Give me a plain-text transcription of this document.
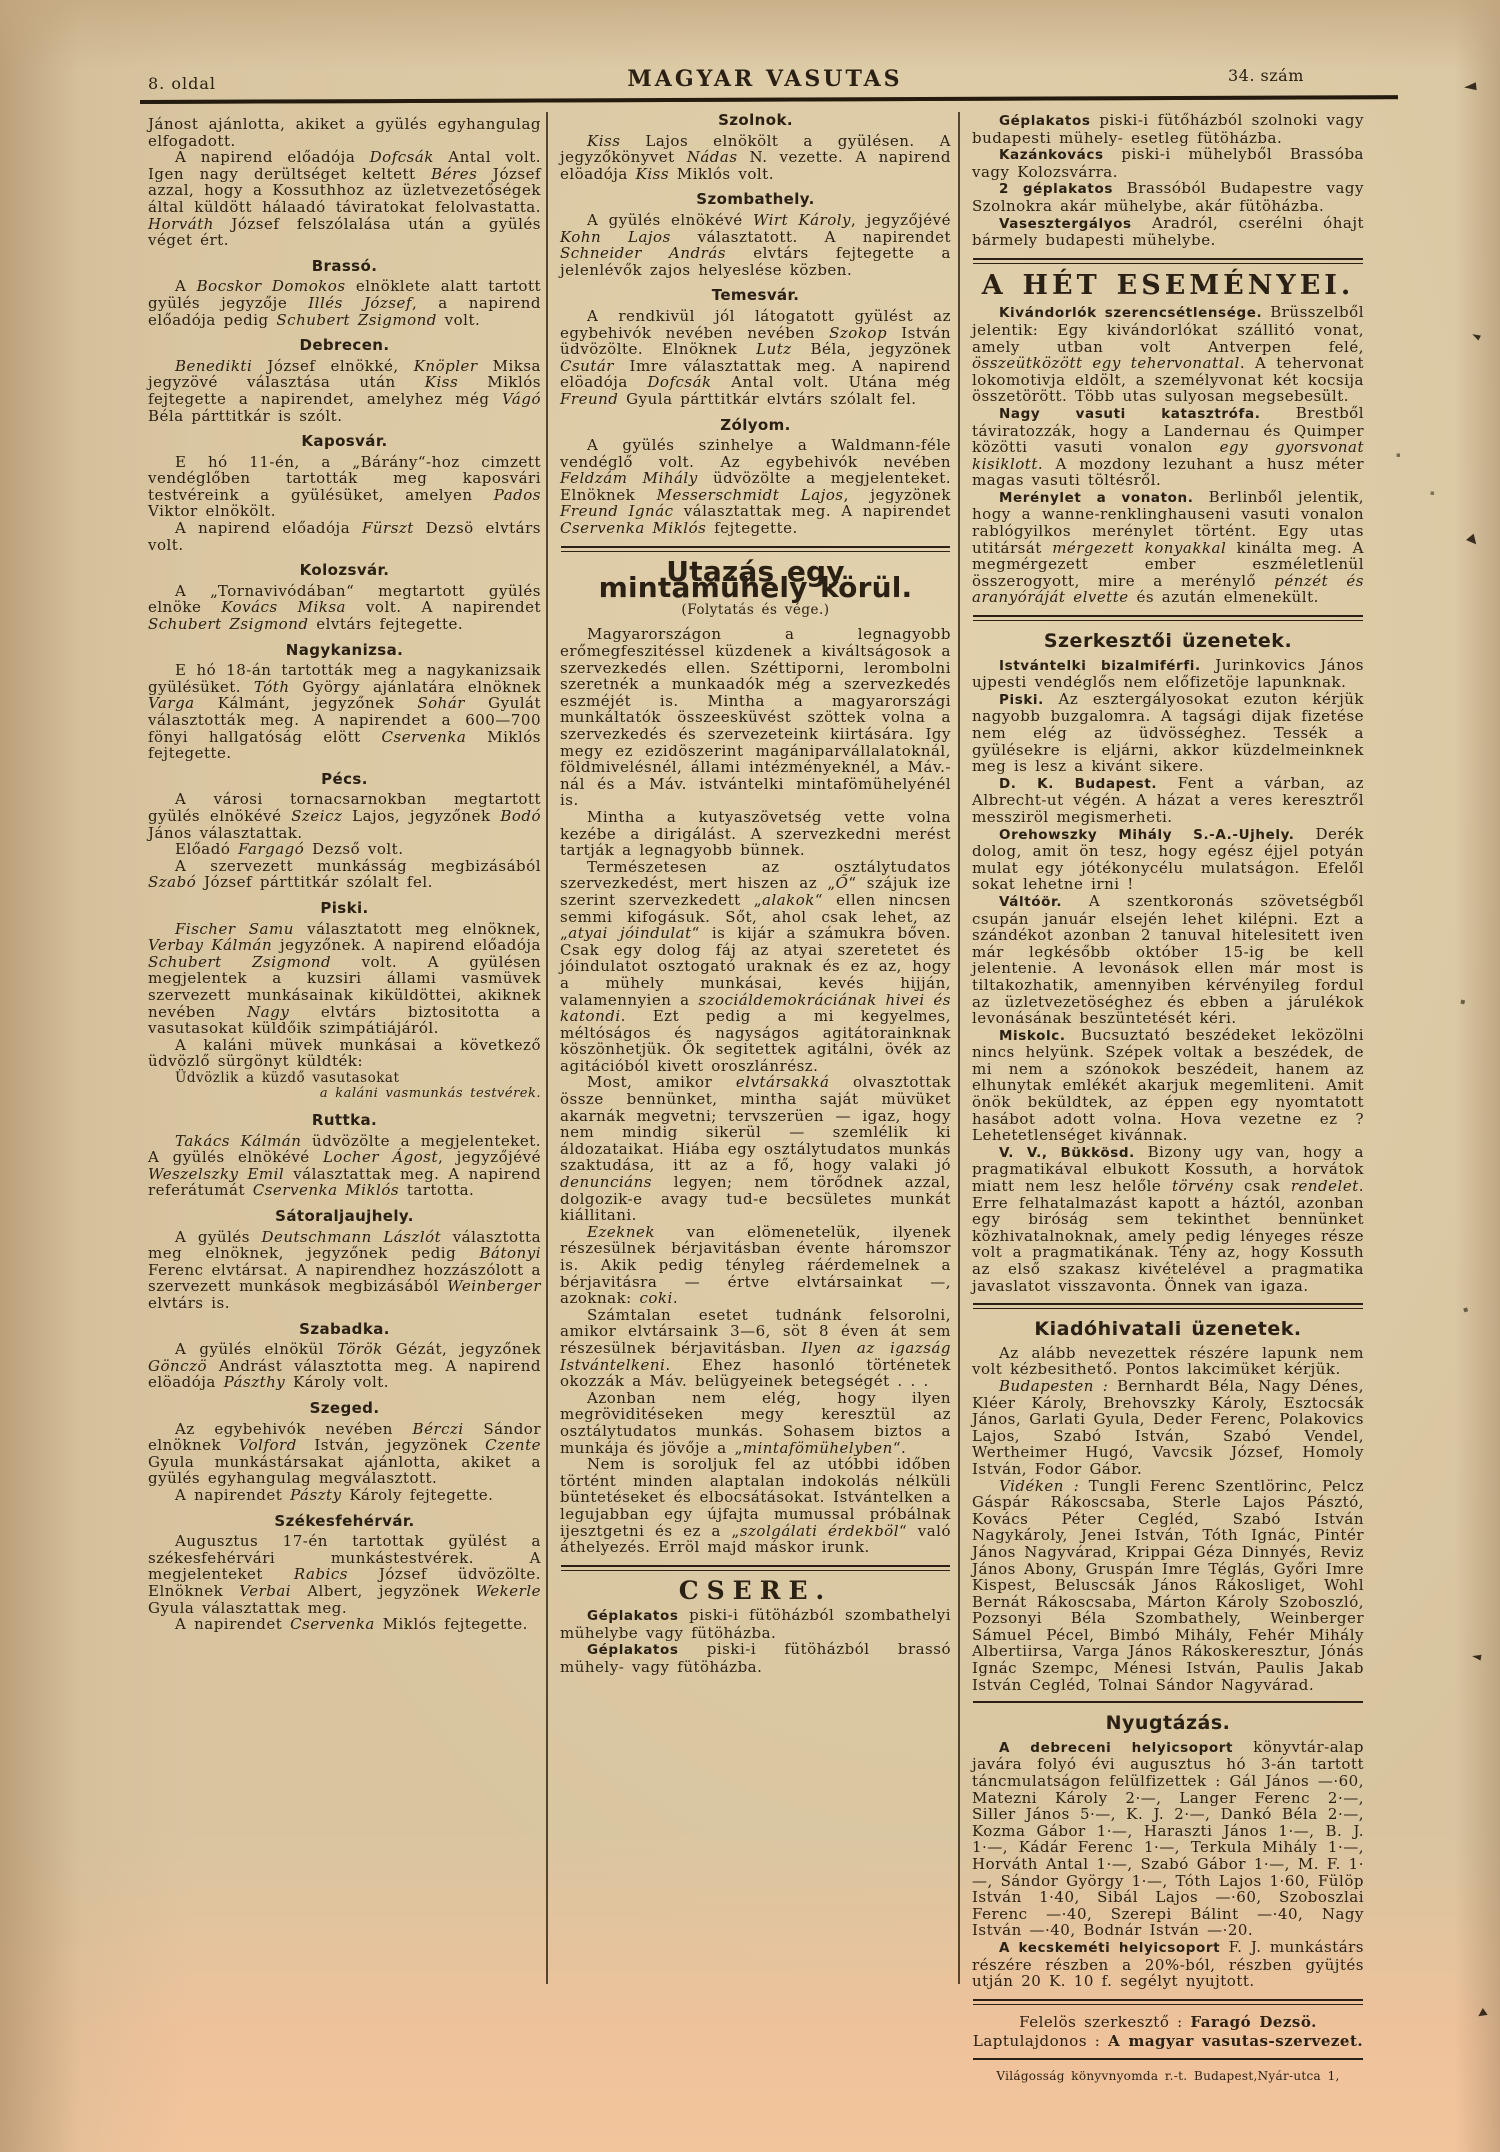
8. oldal	MAGYAR VASUTAS	34. szám

Jánost ajánlotta, akiket a gyülés egyhangulag elfogadott.

A napirend előadója Dofcsák Antal volt. Igen nagy derültséget keltett Béres József azzal, hogy a Kossuthhoz az üzletvezetőségek által küldött hálaadó táviratokat felolvastatta. Horváth József felszólalása után a gyülés véget ért.

Brassó.

A Bocskor Domokos elnöklete alatt tartott gyülés jegyzője Illés József, a napirend előadója pedig Schubert Zsigmond volt.

Debrecen.

Benedikti József elnökké, Knöpler Miksa jegyzövé választása után Kiss Miklós fejtegette a napirendet, amelyhez még Vágó Béla párttitkár is szólt.

Kaposvár.

E hó 11-én, a „Bárány“-hoz cimzett vendéglőben tartották meg kaposvári testvéreink a gyülésüket, amelyen Pados Viktor elnökölt.

A napirend előadója Fürszt Dezsö elvtárs volt.

Kolozsvár.

A „Tornavivódában“ megtartott gyülés elnöke Kovács Miksa volt. A napirendet Schubert Zsigmond elvtárs fejtegette.

Nagykanizsa.

E hó 18-án tartották meg a nagykanizsaik gyülésüket. Tóth György ajánlatára elnöknek Varga Kálmánt, jegyzőnek Sohár Gyulát választották meg. A napirendet a 600—700 fönyi hallgatóság elött Cservenka Miklós fejtegette.

Pécs.

A városi tornacsarnokban megtartott gyülés elnökévé Szeicz Lajos, jegyzőnek Bodó János választattak.

Előadó Fargagó Dezső volt.

A szervezett munkásság megbizásából Szabó József párttitkár szólalt fel.

Piski.

Fischer Samu választatott meg elnöknek, Verbay Kálmán jegyzőnek. A napirend előadója Schubert Zsigmond volt. A gyülésen megjelentek a kuzsiri állami vasmüvek szervezett munkásainak kiküldöttei, akiknek nevében Nagy elvtárs biztositotta a vasutasokat küldőik szimpátiájáról.

A kaláni müvek munkásai a következő üdvözlő sürgönyt küldték:

Üdvözlik a küzdő vasutasokat

a kaláni vasmunkás testvérek.

Ruttka.

Takács Kálmán üdvözölte a megjelenteket. A gyülés elnökévé Locher Ágost, jegyzőjévé Weszelszky Emil választattak meg. A napirend referátumát Cservenka Miklós tartotta.

Sátoraljaujhely.

A gyülés Deutschmann Lászlót választotta meg elnöknek, jegyzőnek pedig Bátonyi Ferenc elvtársat. A napirendhez hozzászólott a szervezett munkások megbizásából Weinberger elvtárs is.

Szabadka.

A gyülés elnökül Török Gézát, jegyzőnek Gönczö Andrást választotta meg. A napirend elöadója Pászthy Károly volt.

Szeged.

Az egybehivók nevében Bérczi Sándor elnöknek Volford István, jegyzönek Czente Gyula munkástársakat ajánlotta, akiket a gyülés egyhangulag megválasztott.

A napirendet Pászty Károly fejtegette.

Székesfehérvár.

Augusztus 17-én tartottak gyülést a székesfehérvári munkástestvérek. A megjelenteket Rabics József üdvözölte. Elnöknek Verbai Albert, jegyzönek Wekerle Gyula választattak meg.

A napirendet Cservenka Miklós fejtegette.

Szolnok.

Kiss Lajos elnökölt a gyülésen. A jegyzőkönyvet Nádas N. vezette. A napirend elöadója Kiss Miklós volt.

Szombathely.

A gyülés elnökévé Wirt Károly, jegyzőjévé Kohn Lajos választatott. A napirendet Schneider András elvtárs fejtegette a jelenlévők zajos helyeslése közben.

Temesvár.

A rendkivül jól látogatott gyülést az egybehivók nevében nevében Szokop István üdvözölte. Elnöknek Lutz Béla, jegyzönek Csutár Imre választattak meg. A napirend elöadója Dofcsák Antal volt. Utána még Freund Gyula párttitkár elvtárs szólalt fel.

Zólyom.

A gyülés szinhelye a Waldmann-féle vendéglő volt. Az egybehivók nevében Feldzám Mihály üdvözölte a megjelenteket. Elnöknek Messerschmidt Lajos, jegyzönek Freund Ignác választattak meg. A napirendet Cservenka Miklós fejtegette.

Utazás egy mintamühely körül.
(Folytatás és vége.)

Magyarországon a legnagyobb erőmegfeszitéssel küzdenek a kiváltságosok a szervezkedés ellen. Széttiporni, lerombolni szeretnék a munkaadók még a szervezkedés eszméjét is. Mintha a magyarországi munkáltatók összeesküvést szöttek volna a szervezkedés és szervezeteink kiirtására. Igy megy ez ezidöszerint magániparvállalatoknál, földmivelésnél, állami intézményeknél, a Máv.-nál és a Máv. istvántelki mintafömühelyénél is.

Mintha a kutyaszövetség vette volna kezébe a dirigálást. A szervezkedni merést tartják a legnagyobb bünnek.

Természetesen az osztálytudatos szervezkedést, mert hiszen az „Ő“ szájuk ize szerint szervezkedett „alakok“ ellen nincsen semmi kifogásuk. Sőt, ahol csak lehet, az „atyai jóindulat“ is kijár a számukra bőven. Csak egy dolog fáj az atyai szeretetet és jóindulatot osztogató uraknak és ez az, hogy a mühely munkásai, kevés hijján, valamennyien a szociáldemokráciának hivei és katondi. Ezt pedig a mi kegyelmes, méltóságos és nagyságos agitátorainknak köszönhetjük. Ők segitettek agitálni, övék az agitációból kivett oroszlánrész.

Most, amikor elvtársakká olvasztottak össze bennünket, mintha saját müvüket akarnák megvetni; tervszerüen — igaz, hogy nem mindig sikerül — szemlélik ki áldozataikat. Hiába egy osztálytudatos munkás szaktudása, itt az a fő, hogy valaki jó denunciáns legyen; nem törődnek azzal, dolgozik-e avagy tud-e becsületes munkát kiállitani.

Ezeknek van elömenetelük, ilyenek részesülnek bérjavitásban évente háromszor is. Akik pedig tényleg ráérdemelnek a bérjavitásra — értve elvtársainkat —, azoknak: coki.

Számtalan esetet tudnánk felsorolni, amikor elvtársaink 3—6, söt 8 éven át sem részesülnek bérjavitásban. Ilyen az igazság Istvántelkeni. Ehez hasonló történetek okozzák a Máv. belügyeinek betegségét . . .

Azonban nem elég, hogy ilyen megröviditéseken megy keresztül az osztálytudatos munkás. Sohasem biztos a munkája és jövője a „mintafömühelyben“.

Nem is soroljuk fel az utóbbi időben történt minden alaptalan indokolás nélküli büntetéseket és elbocsátásokat. Istvántelken a legujabban egy újfajta mumussal próbálnak ijesztgetni és ez a „szolgálati érdekböl“ való áthelyezés. Erröl majd máskor irunk.

CSERE.

Géplakatos piski-i fütöházból szombathelyi mühelybe vagy fütöházba.

Géplakatos piski-i fütöházból brassó mühely- vagy fütöházba.

Géplakatos piski-i fütőházból szolnoki vagy budapesti mühely- esetleg fütöházba.

Kazánkovács piski-i mühelyből Brassóba vagy Kolozsvárra.

2 géplakatos Brassóból Budapestre vagy Szolnokra akár mühelybe, akár fütöházba.

Vasesztergályos Aradról, cserélni óhajt bármely budapesti mühelybe.

A HÉT ESEMÉNYEI.

Kivándorlók szerencsétlensége. Brüsszelből jelentik: Egy kivándorlókat szállitó vonat, amely utban volt Antverpen felé, összeütközött egy tehervonattal. A tehervonat lokomotivja eldölt, a személyvonat két kocsija összetörött. Több utas sulyosan megsebesült.

Nagy vasuti katasztrófa. Brestből táviratozzák, hogy a Landernau és Quimper közötti vasuti vonalon egy gyorsvonat kisiklott. A mozdony lezuhant a husz méter magas vasuti töltésről.

Merénylet a vonaton. Berlinből jelentik, hogy a wanne-renklinghauseni vasuti vonalon rablógyilkos merénylet történt. Egy utas utitársát mérgezett konyakkal kinálta meg. A megmérgezett ember eszméletlenül összerogyott, mire a merénylő pénzét és aranyóráját elvette és azután elmenekült.

Szerkesztői üzenetek.

Istvántelki bizalmiférfi. Jurinkovics János ujpesti vendéglős nem előfizetöje lapunknak.

Piski. Az esztergályosokat ezuton kérjük nagyobb buzgalomra. A tagsági dijak fizetése nem elég az üdvösséghez. Tessék a gyülésekre is eljárni, akkor küzdelmeinknek meg is lesz a kivánt sikere.

D. K. Budapest. Fent a várban, az Albrecht-ut végén. A házat a veres keresztről messziröl megismerheti.

Orehowszky Mihály S.-A.-Ujhely. Derék dolog, amit ön tesz, hogy egész éjjel potyán mulat egy jótékonycélu mulatságon. Efelől sokat lehetne irni !

Váltóör. A szentkoronás szövetségből csupán január elsején lehet kilépni. Ezt a szándékot azonban 2 tanuval hitelesitett iven már legkésőbb október 15-ig be kell jelentenie. A levonások ellen már most is tiltakozhatik, amennyiben kérvényileg fordul az üzletvezetöséghez és ebben a járulékok levonásának beszüntetését kéri.

Miskolc. Bucsuztató beszédeket leközölni nincs helyünk. Szépek voltak a beszédek, de mi nem a szónokok beszédeit, hanem az elhunytak emlékét akarjuk megemliteni. Amit önök beküldtek, az éppen egy nyomtatott hasábot adott volna. Hova vezetne ez ? Lehetetlenséget kivánnak.

V. V., Bükkösd. Bizony ugy van, hogy a pragmatikával elbukott Kossuth, a horvátok miatt nem lesz helőle törvény csak rendelet. Erre felhatalmazást kapott a háztól, azonban egy biróság sem tekinthet bennünket közhivatalnoknak, amely pedig lényeges része volt a pragmatikának. Tény az, hogy Kossuth az első szakasz kivételével a pragmatika javaslatot visszavonta. Önnek van igaza.

Kiadóhivatali üzenetek.

Az alább nevezettek részére lapunk nem volt kézbesithető. Pontos lakcimüket kérjük.

Budapesten : Bernhardt Béla, Nagy Dénes, Kléer Károly, Brehovszky Károly, Esztocsák János, Garlati Gyula, Deder Ferenc, Polakovics Lajos, Szabó István, Szabó Vendel, Wertheimer Hugó, Vavcsik József, Homoly István, Fodor Gábor.

Vidéken : Tungli Ferenc Szentlörinc, Pelcz Gáspár Rákoscsaba, Sterle Lajos Pásztó, Kovács Péter Cegléd, Szabó István Nagykároly, Jenei István, Tóth Ignác, Pintér János Nagyvárad, Krippai Géza Dinnyés, Reviz János Abony, Gruspán Imre Téglás, Győri Imre Kispest, Beluscsák János Rákosliget, Wohl Bernát Rákoscsaba, Márton Károly Szoboszló, Pozsonyi Béla Szombathely, Weinberger Sámuel Pécel, Bimbó Mihály, Fehér Mihály Albertiirsa, Varga János Rákoskeresztur, Jónás Ignác Szempc, Ménesi István, Paulis Jakab István Cegléd, Tolnai Sándor Nagyvárad.

Nyugtázás.

A debreceni helyicsoport könyvtár-alap javára folyó évi augusztus hó 3-án tartott táncmulatságon felülfizettek : Gál János —·60, Matezni Károly 2·—, Langer Ferenc 2·—, Siller János 5·—, K. J. 2·—, Dankó Béla 2·—, Kozma Gábor 1·—, Haraszti János 1·—, B. J. 1·—, Kádár Ferenc 1·—, Terkula Mihály 1·—, Horváth Antal 1·—, Szabó Gábor 1·—, M. F. 1·—, Sándor György 1·—, Tóth Lajos 1·60, Fülöp István 1·40, Sibál Lajos —·60, Szoboszlai Ferenc —·40, Szerepi Bálint —·40, Nagy István —·40, Bodnár István —·20.

A kecskeméti helyicsoport F. J. munkástárs részére részben a 20%-ból, részben gyüjtés utján 20 K. 10 f. segélyt nyujtott.

Felelös szerkesztő : Faragó Dezsö.

Laptulajdonos : A magyar vasutas-szervezet.

Világosság könyvnyomda r.-t. Budapest,Nyár-utca 1,

◄
◄
▼
▪
▪
▪
▪
◄
▼
